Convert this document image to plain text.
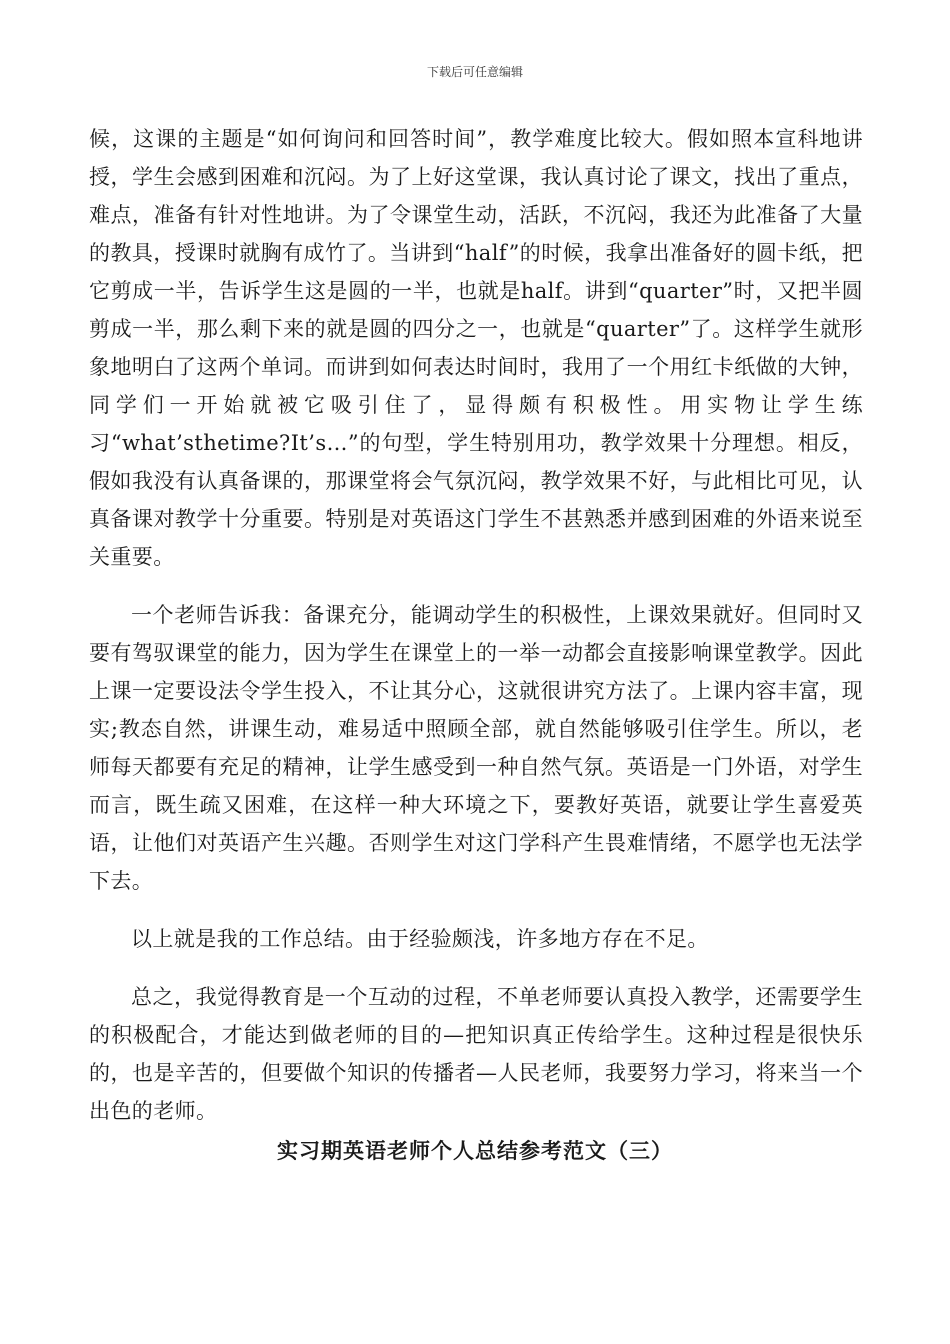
下载后可任意编辑

候，这课的主题是“如何询问和回答时间”，教学难度比较大。假如照本宣科地讲授，学生会感到困难和沉闷。为了上好这堂课，我认真讨论了课文，找出了重点，难点，准备有针对性地讲。为了令课堂生动，活跃，不沉闷，我还为此准备了大量的教具，授课时就胸有成竹了。当讲到“half”的时候，我拿出准备好的圆卡纸，把它剪成一半，告诉学生这是圆的一半，也就是half。讲到“quarter”时，又把半圆剪成一半，那么剩下来的就是圆的四分之一，也就是“quarter”了。这样学生就形象地明白了这两个单词。而讲到如何表达时间时，我用了一个用红卡纸做的大钟，同学们一开始就被它吸引住了，显得颇有积极性。用实物让学生练习“what’sthetime?It’s…”的句型，学生特别用功，教学效果十分理想。相反，假如我没有认真备课的，那课堂将会气氛沉闷，教学效果不好，与此相比可见，认真备课对教学十分重要。特别是对英语这门学生不甚熟悉并感到困难的外语来说至关重要。

一个老师告诉我：备课充分，能调动学生的积极性，上课效果就好。但同时又要有驾驭课堂的能力，因为学生在课堂上的一举一动都会直接影响课堂教学。因此上课一定要设法令学生投入，不让其分心，这就很讲究方法了。上课内容丰富，现实;教态自然，讲课生动，难易适中照顾全部，就自然能够吸引住学生。所以，老师每天都要有充足的精神，让学生感受到一种自然气氛。英语是一门外语，对学生而言，既生疏又困难，在这样一种大环境之下，要教好英语，就要让学生喜爱英语，让他们对英语产生兴趣。否则学生对这门学科产生畏难情绪，不愿学也无法学下去。

以上就是我的工作总结。由于经验颇浅，许多地方存在不足。

总之，我觉得教育是一个互动的过程，不单老师要认真投入教学，还需要学生的积极配合，才能达到做老师的目的—把知识真正传给学生。这种过程是很快乐的，也是辛苦的，但要做个知识的传播者—人民老师，我要努力学习，将来当一个出色的老师。

实习期英语老师个人总结参考范文（三）
